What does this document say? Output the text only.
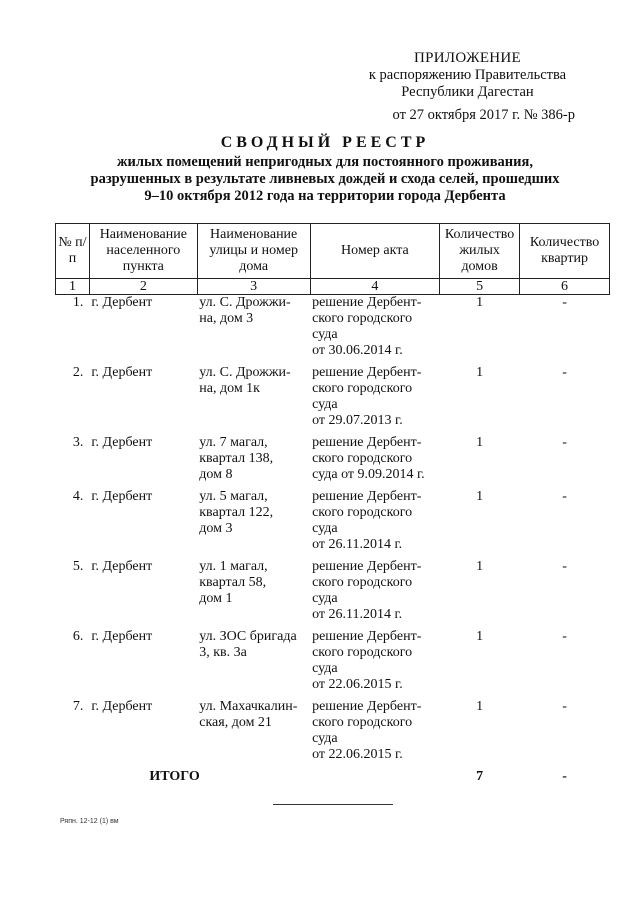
ПРИЛОЖЕНИЕ
к распоряжению Правительства
Республики Дагестан
от 27 октября 2017 г. № 386-р
СВОДНЫЙ РЕЕСТР
жилых помещений непригодных для постоянного проживания,
разрушенных в результате ливневых дождей и схода селей, прошедших
9–10 октября 2012 года на территории города Дербента
№ п/п	Наименование населенного пункта	Наименование улицы и номер дома	Номер акта	Количество жилых домов	Количество квартир
1	2	3	4	5	6
1.	г. Дербент	ул. С. Дрожжи-
на, дом 3	решение Дербент-
ского городского
суда
от 30.06.2014 г.	1	-
2.	г. Дербент	ул. С. Дрожжи-
на, дом 1к	решение Дербент-
ского городского
суда
от 29.07.2013 г.	1	-
3.	г. Дербент	ул. 7 магал,
квартал 138,
дом 8	решение Дербент-
ского городского
суда от 9.09.2014 г.	1	-
4.	г. Дербент	ул. 5 магал,
квартал 122,
дом 3	решение Дербент-
ского городского
суда
от 26.11.2014 г.	1	-
5.	г. Дербент	ул. 1 магал,
квартал 58,
дом 1	решение Дербент-
ского городского
суда
от 26.11.2014 г.	1	-
6.	г. Дербент	ул. ЗОС бригада
3, кв. 3а	решение Дербент-
ского городского
суда
от 22.06.2015 г.	1	-
7.	г. Дербент	ул. Махачкалин-
ская, дом 21	решение Дербент-
ского городского
суда
от 22.06.2015 г.	1	-
	ИТОГО			7	-
Ряпн. 12-12 (1) вм
